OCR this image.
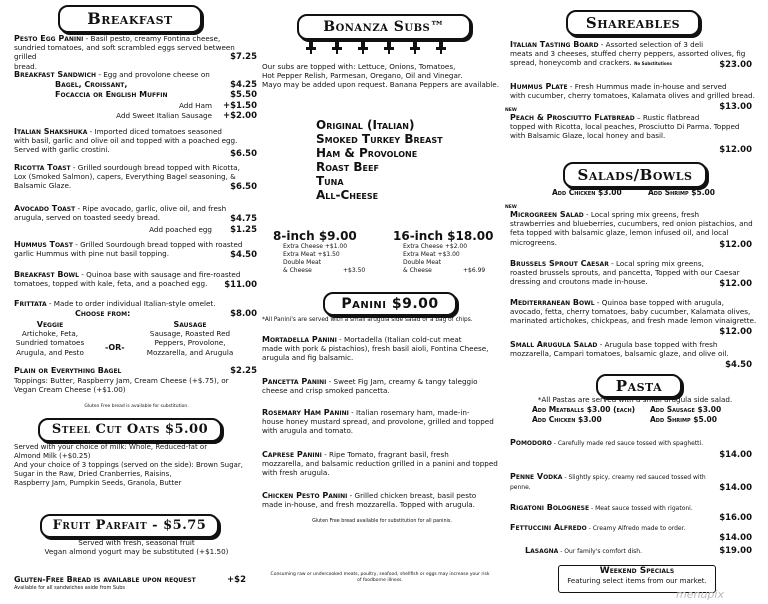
Breakfast
Pesto Egg Panini - Basil pesto, creamy Fontina cheese,
sundried tomatoes, and soft scrambled eggs served between grilled
bread.
$7.25
Breakfast Sandwich - Egg and provolone cheese on
Bagel, Croissant,	$4.25
Focaccia or English Muffin	$5.50
Add Ham	+$1.50
Add Sweet Italian Sausage	+$2.00
Italian Shakshuka - Imported diced tomatoes seasoned
with basil, garlic and olive oil and topped with a poached egg.
Served with garlic crostini.	$6.50
Ricotta Toast - Grilled sourdough bread topped with Ricotta,
Lox (Smoked Salmon), capers, Everything Bagel seasoning, &
Balsamic Glaze.	$6.50
Avocado Toast - Ripe avocado, garlic, olive oil, and fresh
arugula, served on toasted seedy bread.	$4.75
Add poached egg	$1.25
Hummus Toast - Grilled Sourdough bread topped with roasted
garlic Hummus with pine nut basil topping.	$4.50
Breakfast Bowl - Quinoa base with sausage and fire-roasted
tomatoes, topped with kale, feta, and a poached egg.	$11.00
Frittata - Made to order individual Italian-style omelet.
Choose from:	$8.00
Veggie
Artichoke, Feta,
Sundried tomatoes
Arugula, and Pesto
-OR-
Sausage
Sausage, Roasted Red
Peppers, Provolone,
Mozzarella, and Arugula
Plain or Everything Bagel	$2.25
Toppings: Butter, Raspberry Jam, Cream Cheese (+$.75), or
Vegan Cream Cheese (+$1.00)
Gluten Free bread is available for substitution.
Steel Cut Oats $5.00
Served with your choice of milk: Whole, Reduced-fat or
Almond Milk (+$0.25)
And your choice of 3 toppings (served on the side): Brown Sugar,
Sugar in the Raw, Dried Cranberries, Raisins,
Raspberry Jam, Pumpkin Seeds, Granola, Butter
Fruit Parfait - $5.75
Served with fresh, seasonal fruit
Vegan almond yogurt may be substituted (+$1.50)
Gluten-Free Bread is available upon request	+$2
Available for all sandwiches aside from Subs
Bonanza Subs™
Our subs are topped with: Lettuce, Onions, Tomatoes,
Hot Pepper Relish, Parmesan, Oregano, Oil and Vinegar.
Mayo may be added upon request. Banana Peppers are available.
Original (Italian)
Smoked Turkey Breast
Ham & Provolone
Roast Beef
Tuna
All-Cheese
8-inch $9.00
Extra Cheese +$1.00
Extra Meat +$1.50
Double Meat
& Cheese	+$3.50
16-inch $18.00
Extra Cheese +$2.00
Extra Meat +$3.00
Double Meat
& Cheese	+$6.99
Panini $9.00
*All Panini's are served with a small arugula side salad or a bag of chips.
Mortadella Panini - Mortadella (Italian cold-cut meat
made with pork & pistachios), fresh basil aioli, Fontina Cheese,
arugula and fig balsamic.
Pancetta Panini - Sweet Fig Jam, creamy & tangy taleggio
cheese and crisp smoked pancetta.
Rosemary Ham Panini - Italian rosemary ham, made-in-
house honey mustard spread, and provolone, grilled and topped
with arugula and tomato.
Caprese Panini - Ripe Tomato, fragrant basil, fresh
mozzarella, and balsamic reduction grilled in a panini and topped
with fresh arugula.
Chicken Pesto Panini - Grilled chicken breast, basil pesto
made in-house, and fresh mozzarella. Topped with arugula.
Gluten Free bread available for substitution for all paninis.
Consuming raw or undercooked meats, poultry, seafood, shellfish or eggs may increase your risk
of foodborne illness.
Shareables
Italian Tasting Board - Assorted selection of 3 deli
meats and 3 cheeses, stuffed cherry peppers, assorted olives, fig
spread, honeycomb and crackers. No Substitutions	$23.00
Hummus Plate - Fresh Hummus made in-house and served
with cucumber, cherry tomatoes, Kalamata olives and grilled bread.
$13.00
NEW
Peach & Prosciutto Flatbread – Rustic flatbread
topped with Ricotta, local peaches, Prosciutto Di Parma. Topped
with Balsamic Glaze, local honey and basil.
$12.00
Salads/Bowls
Add Chicken $3.00	Add Shrimp $5.00
NEW
Microgreen Salad - Local spring mix greens, fresh
strawberries and blueberries, cucumbers, red onion pistachios, and
feta topped with balsamic glaze, lemon infused oil, and local
microgreens.	$12.00
Brussels Sprout Caesar - Local spring mix greens,
roasted brussels sprouts, and pancetta, Topped with our Caesar
dressing and croutons made in-house.	$12.00
Mediterranean Bowl - Quinoa base topped with arugula,
avocado, fetta, cherry tomatoes, baby cucumber, Kalamata olives,
marinated artichokes, chickpeas, and fresh made lemon vinaigrette.
$12.00
Small Arugula Salad - Arugula base topped with fresh
mozzarella, Campari tomatoes, balsamic glaze, and olive oil.
$4.50
Pasta
*All Pastas are served with a small arugula side salad.
Add Meatballs $3.00 (each) Add Sausage $3.00
Add Chicken $3.00	Add Shrimp $5.00
Pomodoro - Carefully made red sauce tossed with spaghetti.
$14.00
Penne Vodka - Slightly spicy, creamy red sauced tossed with
penne.	$14.00
Rigatoni Bolognese - Meat sauce tossed with rigatoni.
$16.00
Fettuccini Alfredo - Creamy Alfredo made to order.
$14.00
Lasagna - Our family's comfort dish.	$19.00
Weekend Specials
Featuring select items from our market.
menupix
